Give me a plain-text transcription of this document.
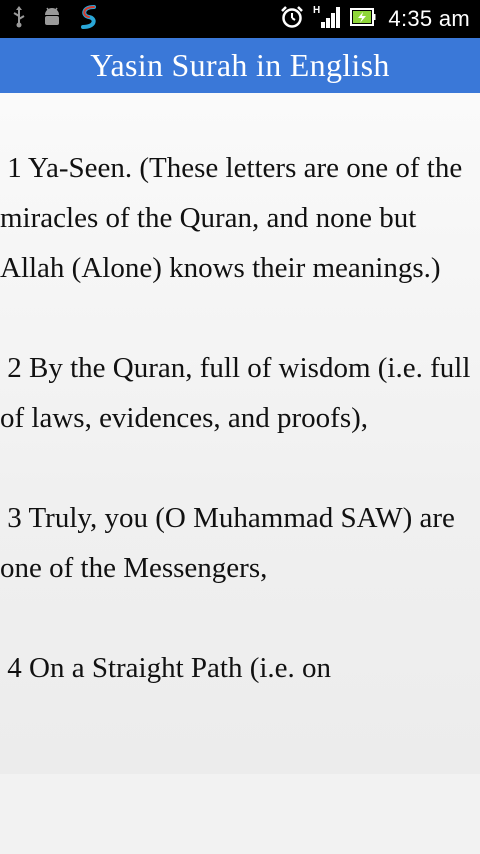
H	4:35 am
Yasin Surah in English

1 Ya-Seen. (These letters are one of the miracles of the Quran, and none but Allah (Alone) knows their meanings.)

2 By the Quran, full of wisdom (i.e. full of laws, evidences, and proofs),

3 Truly, you (O Muhammad SAW) are one of the Messengers,

4 On a Straight Path (i.e. on
